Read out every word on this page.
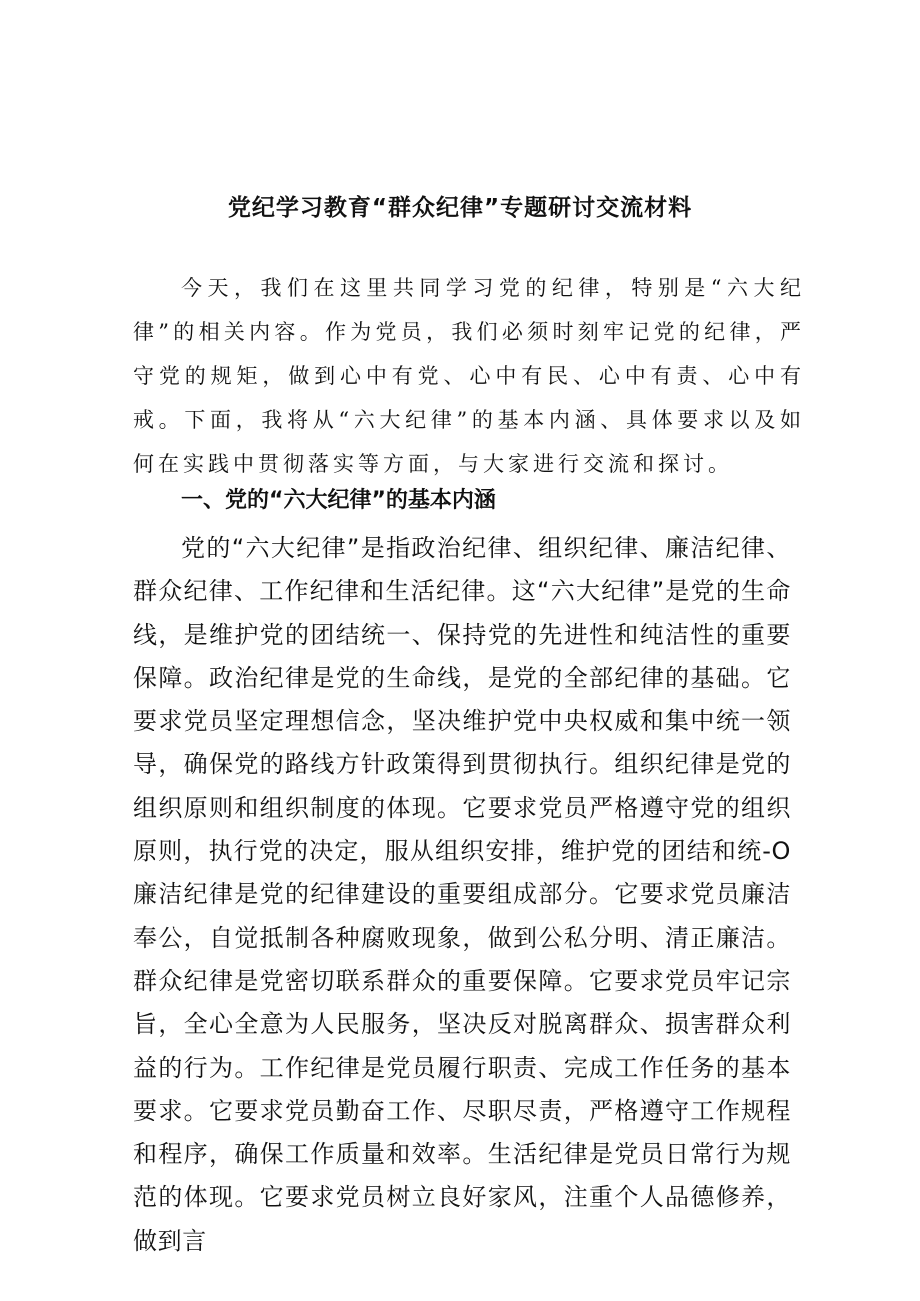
党纪学习教育“群众纪律”专题研讨交流材料

今天，我们在这里共同学习党的纪律，特别是“六大纪律”的相关内容。作为党员，我们必须时刻牢记党的纪律，严守党的规矩，做到心中有党、心中有民、心中有责、心中有戒。下面，我将从“六大纪律”的基本内涵、具体要求以及如何在实践中贯彻落实等方面，与大家进行交流和探讨。

一、党的“六大纪律”的基本内涵

党的“六大纪律”是指政治纪律、组织纪律、廉洁纪律、群众纪律、工作纪律和生活纪律。这“六大纪律”是党的生命线，是维护党的团结统一、保持党的先进性和纯洁性的重要保障。政治纪律是党的生命线，是党的全部纪律的基础。它要求党员坚定理想信念，坚决维护党中央权威和集中统一领导，确保党的路线方针政策得到贯彻执行。组织纪律是党的组织原则和组织制度的体现。它要求党员严格遵守党的组织原则，执行党的决定，服从组织安排，维护党的团结和统-O廉洁纪律是党的纪律建设的重要组成部分。它要求党员廉洁奉公，自觉抵制各种腐败现象，做到公私分明、清正廉洁。群众纪律是党密切联系群众的重要保障。它要求党员牢记宗旨，全心全意为人民服务，坚决反对脱离群众、损害群众利益的行为。工作纪律是党员履行职责、完成工作任务的基本要求。它要求党员勤奋工作、尽职尽责，严格遵守工作规程和程序，确保工作质量和效率。生活纪律是党员日常行为规范的体现。它要求党员树立良好家风，注重个人品德修养，做到言
